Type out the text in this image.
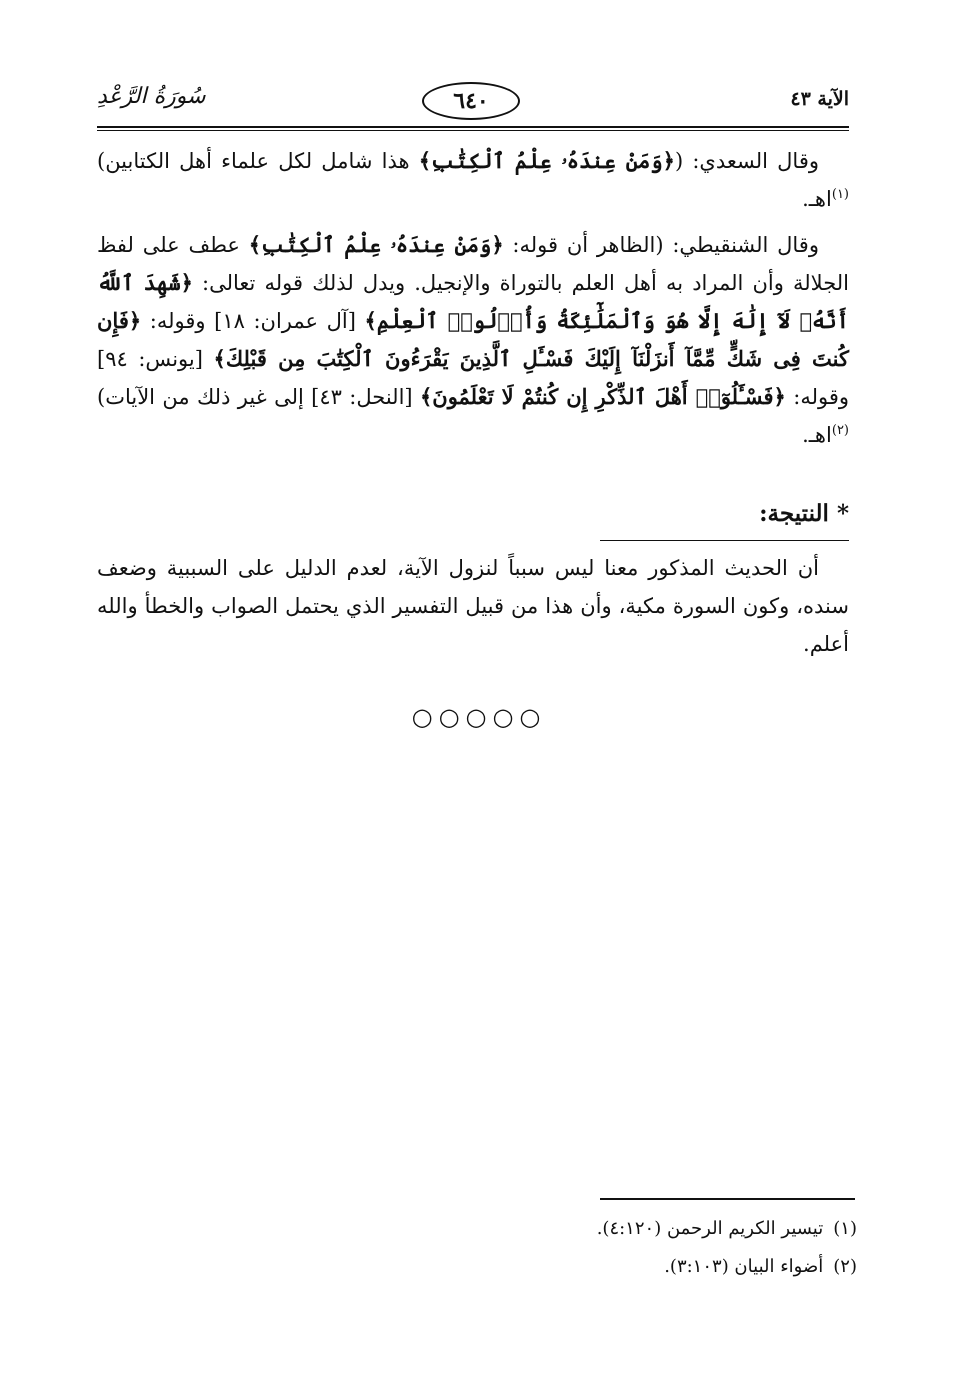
الآية ٤٣
٦٤٠
سُورَةُ الرَّعْدِ

وقال السعدي: (﴿وَمَنْ عِندَهُۥ عِلْمُ ٱلْكِتَٰبِ﴾ هذا شامل لكل علماء أهل الكتابين)$^{(١)}$اهـ.

وقال الشنقيطي: (الظاهر أن قوله: ﴿وَمَنْ عِندَهُۥ عِلْمُ ٱلْكِتَٰبِ﴾ عطف على لفظ الجلالة وأن المراد به أهل العلم بالتوراة والإنجيل. ويدل لذلك قوله تعالى: ﴿شَهِدَ ٱللَّهُ أَنَّهُۥ لَآ إِلَٰهَ إِلَّا هُوَ وَٱلْمَلَٰٓئِكَةُ وَأُو۟لُوا۟ ٱلْعِلْمِ﴾ [آل عمران: ١٨] وقوله: ﴿فَإِن كُنتَ فِى شَكٍّ مِّمَّآ أَنزَلْنَآ إِلَيْكَ فَسْـَٔلِ ٱلَّذِينَ يَقْرَءُونَ ٱلْكِتَٰبَ مِن قَبْلِكَ﴾ [يونس: ٩٤] وقوله: ﴿فَسْـَٔلُوٓا۟ أَهْلَ ٱلذِّكْرِ إِن كُنتُمْ لَا تَعْلَمُونَ﴾ [النحل: ٤٣] إلى غير ذلك من الآيات)$^{(٢)}$اهـ.

* النتيجة:

أن الحديث المذكور معنا ليس سبباً لنزول الآية، لعدم الدليل على السببية وضعف سنده، وكون السورة مكية، وأن هذا من قبيل التفسير الذي يحتمل الصواب والخطأ والله أعلم.

○○○○○
(١)تيسير الكريم الرحمن (٤:١٢٠).
(٢)أضواء البيان (٣:١٠٣).
